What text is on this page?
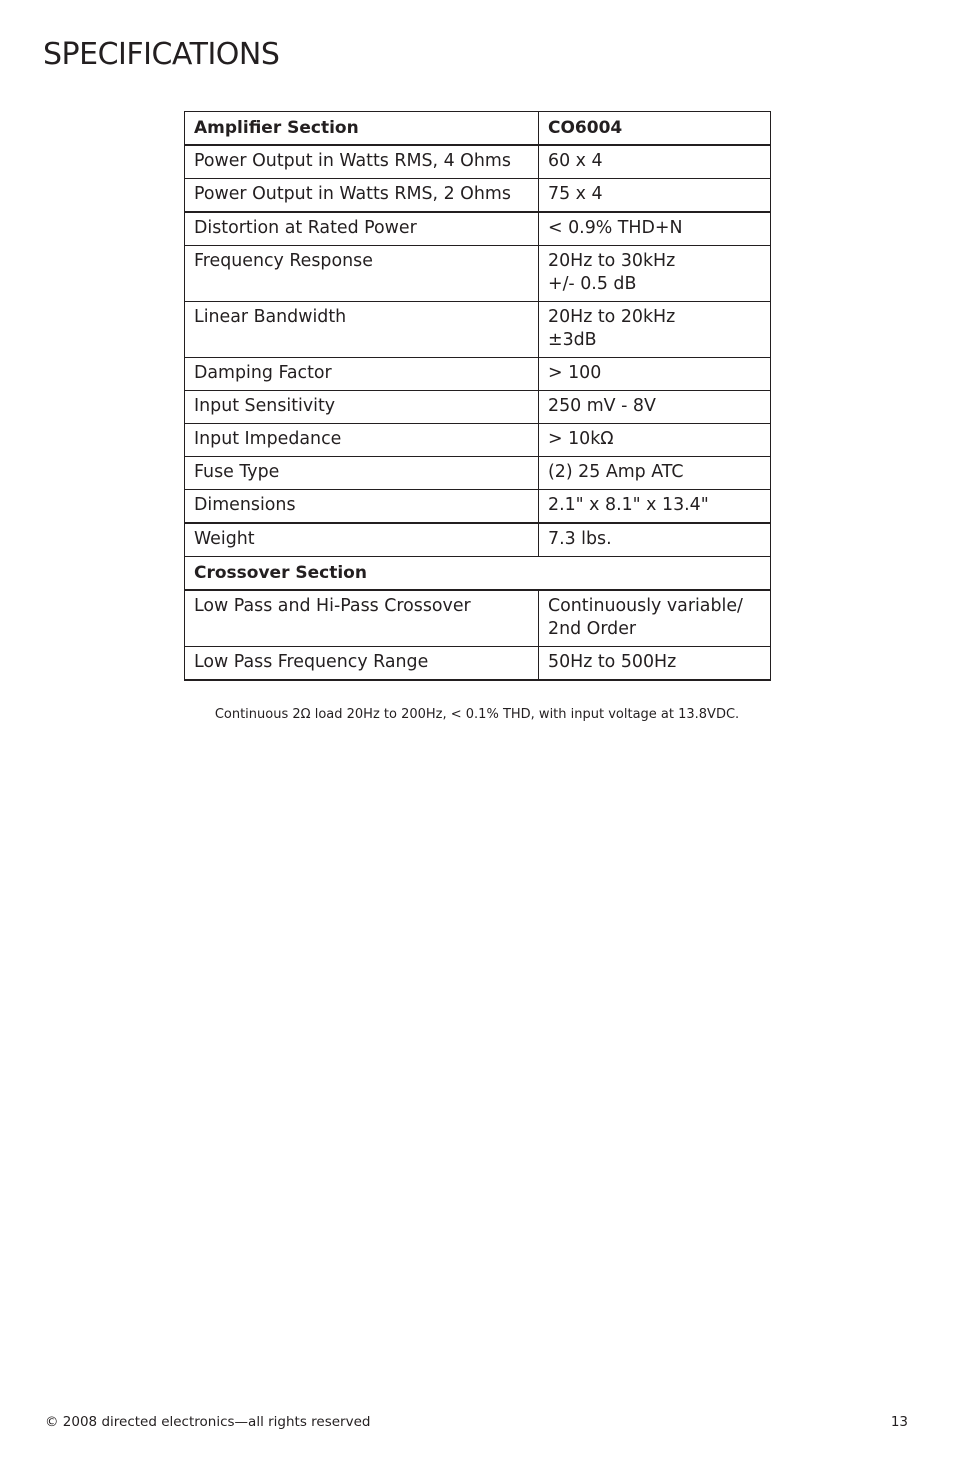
SPECIFICATIONS
Amplifier Section	CO6004
Power Output in Watts RMS, 4 Ohms	60 x 4
Power Output in Watts RMS, 2 Ohms	75 x 4
Distortion at Rated Power	< 0.9% THD+N
Frequency Response	20Hz to 30kHz
+/- 0.5 dB
Linear Bandwidth	20Hz to 20kHz
±3dB
Damping Factor	> 100
Input Sensitivity	250 mV - 8V
Input Impedance	> 10kΩ
Fuse Type	(2) 25 Amp ATC
Dimensions	2.1" x 8.1" x 13.4"
Weight	7.3 lbs.
Crossover Section	
Low Pass and Hi-Pass Crossover	Continuously variable/
2nd Order
Low Pass Frequency Range	50Hz to 500Hz
Continuous 2Ω load 20Hz to 200Hz, < 0.1% THD, with input voltage at 13.8VDC.
© 2008 directed electronics—all rights reserved	13
